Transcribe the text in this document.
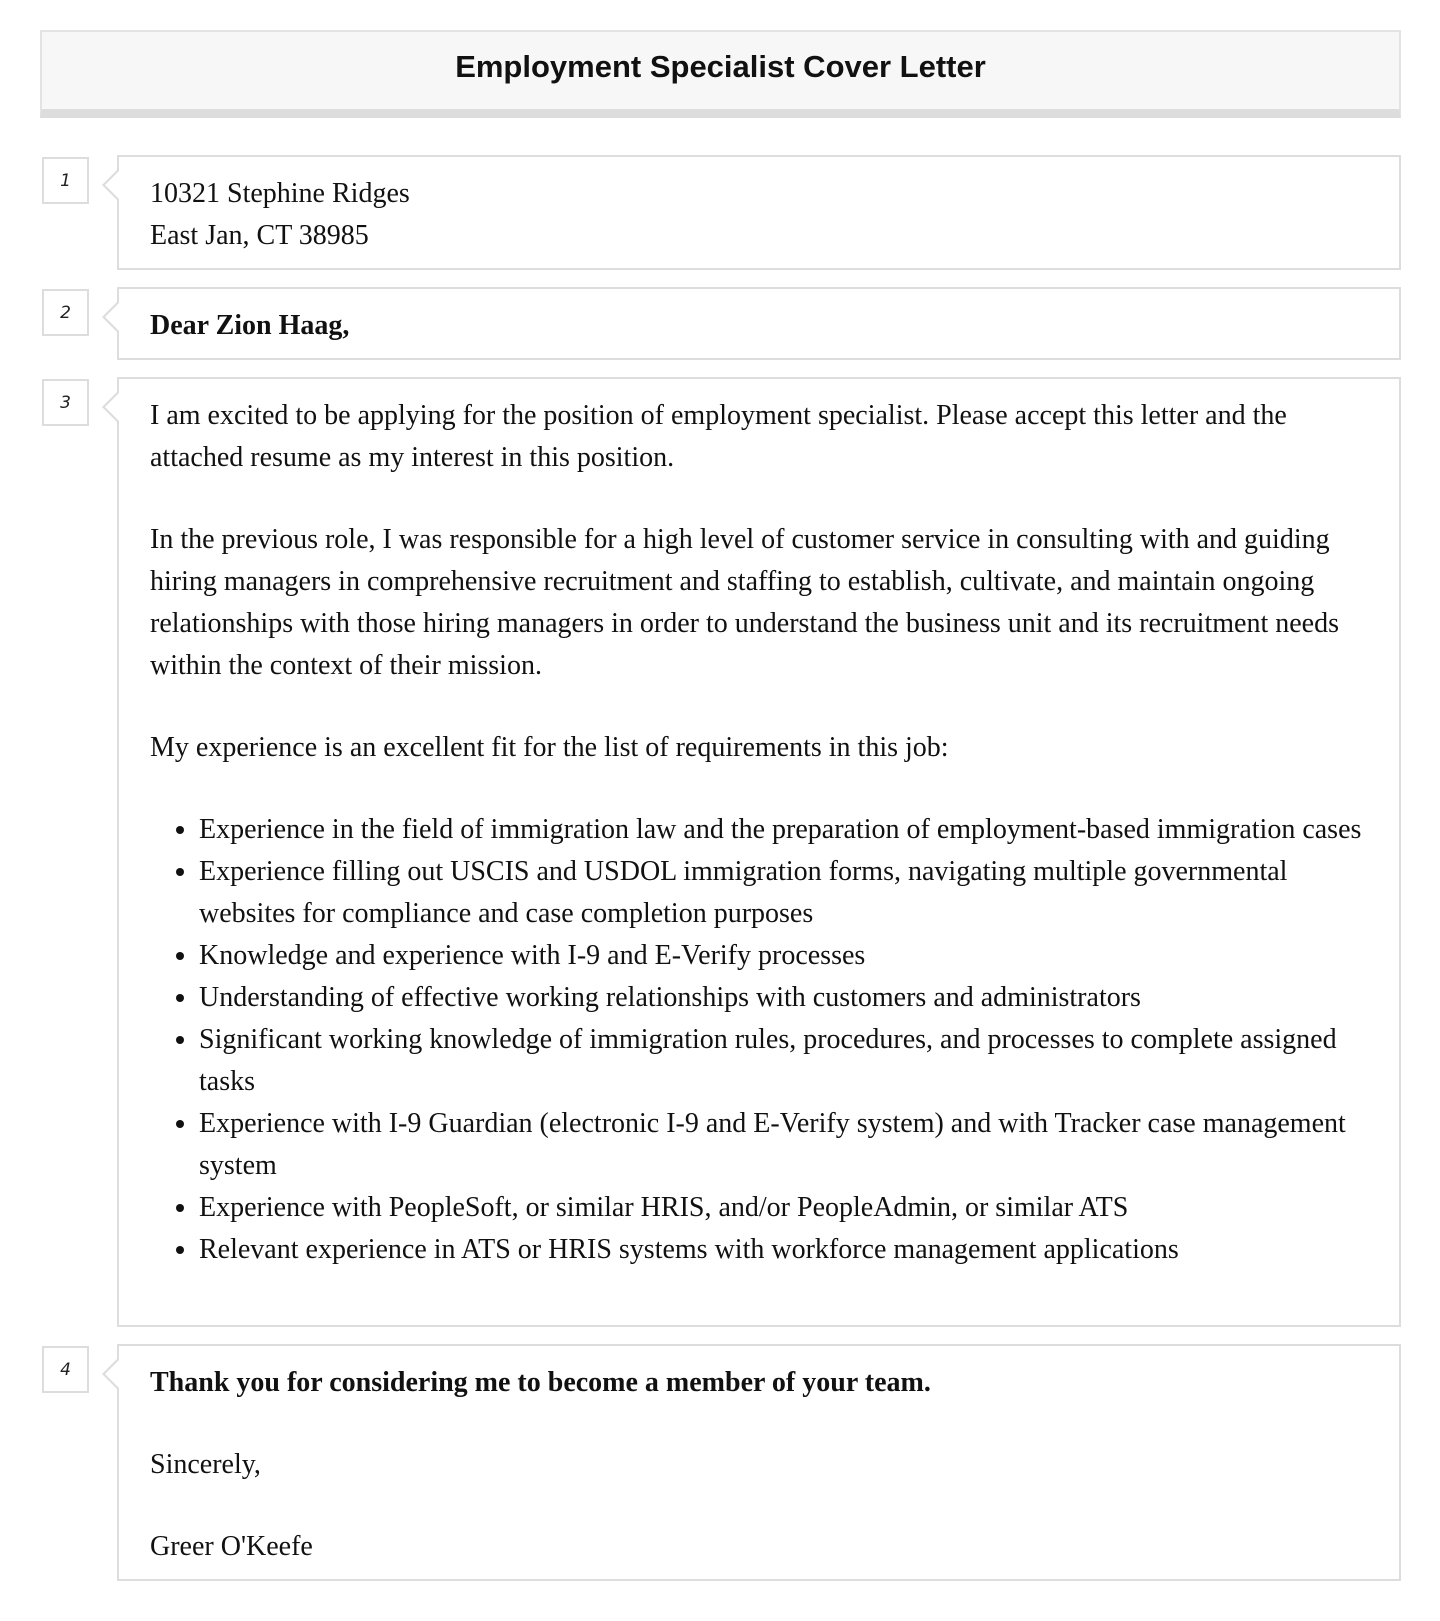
Employment Specialist Cover Letter
1	10321 Stephine Ridges

East Jan, CT 38985

2	Dear Zion Haag,

3	I am excited to be applying for the position of employment specialist. Please accept this letter and the attached resume as my interest in this position.

In the previous role, I was responsible for a high level of customer service in consulting with and guiding hiring managers in comprehensive recruitment and staffing to establish, cultivate, and maintain ongoing relationships with those hiring managers in order to understand the business unit and its recruitment needs within the context of their mission.

My experience is an excellent fit for the list of requirements in this job:

• Experience in the field of immigration law and the preparation of employment-based immigration cases
• Experience filling out USCIS and USDOL immigration forms, navigating multiple governmental websites for compliance and case completion purposes
• Knowledge and experience with I-9 and E-Verify processes
• Understanding of effective working relationships with customers and administrators
• Significant working knowledge of immigration rules, procedures, and processes to complete assigned tasks
• Experience with I-9 Guardian (electronic I-9 and E-Verify system) and with Tracker case management system
• Experience with PeopleSoft, or similar HRIS, and/or PeopleAdmin, or similar ATS
• Relevant experience in ATS or HRIS systems with workforce management applications
4	Thank you for considering me to become a member of your team.

Sincerely,

Greer O'Keefe
